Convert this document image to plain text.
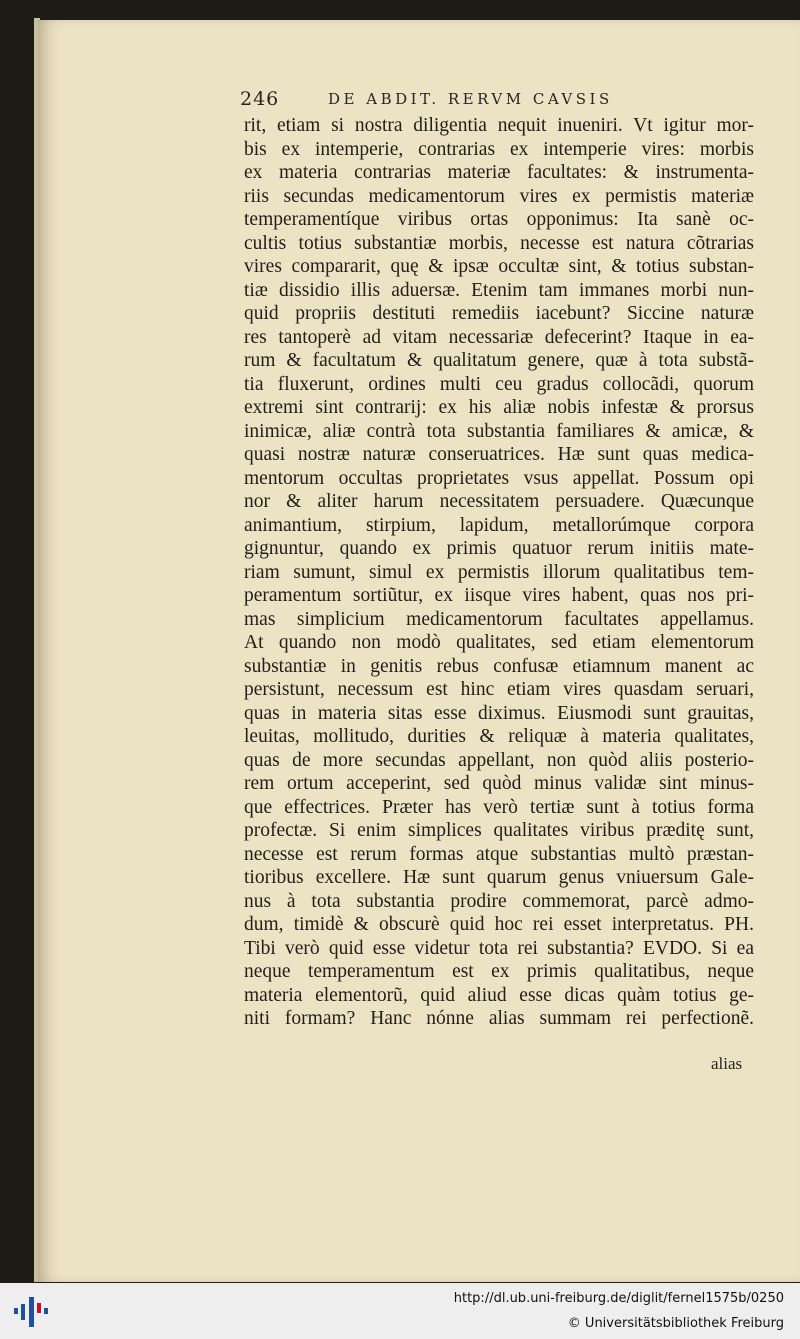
246	DE ABDIT. RERVM CAVSIS
rit, etiam si nostra diligentia nequit inueniri. Vt igitur mor-
bis ex intemperie, contrarias ex intemperie vires: morbis
ex materia contrarias materiæ facultates: & instrumenta-
riis secundas medicamentorum vires ex permistis materiæ
temperamentíque viribus ortas opponimus: Ita sanè oc-
cultis totius substantiæ morbis, necesse est natura cõtrarias
vires compararit, quę & ipsæ occultæ sint, & totius substan-
tiæ dissidio illis aduersæ. Etenim tam immanes morbi nun-
quid propriis destituti remediis iacebunt? Siccine naturæ
res tantoperè ad vitam necessariæ defecerint? Itaque in ea-
rum & facultatum & qualitatum genere, quæ à tota substã-
tia fluxerunt, ordines multi ceu gradus collocãdi, quorum
extremi sint contrarij: ex his aliæ nobis infestæ & prorsus
inimicæ, aliæ contrà tota substantia familiares & amicæ, &
quasi nostræ naturæ conseruatrices. Hæ sunt quas medica-
mentorum occultas proprietates vsus appellat. Possum opi
nor & aliter harum necessitatem persuadere. Quæcunque
animantium, stirpium, lapidum, metallorúmque corpora
gignuntur, quando ex primis quatuor rerum initiis mate-
riam sumunt, simul ex permistis illorum qualitatibus tem-
peramentum sortiũtur, ex iisque vires habent, quas nos pri-
mas simplicium medicamentorum facultates appellamus.
At quando non modò qualitates, sed etiam elementorum
substantiæ in genitis rebus confusæ etiamnum manent ac
persistunt, necessum est hinc etiam vires quasdam seruari,
quas in materia sitas esse diximus. Eiusmodi sunt grauitas,
leuitas, mollitudo, durities & reliquæ à materia qualitates,
quas de more secundas appellant, non quòd aliis posterio-
rem ortum acceperint, sed quòd minus validæ sint minus-
que effectrices. Præter has verò tertiæ sunt à totius forma
profectæ. Si enim simplices qualitates viribus præditę sunt,
necesse est rerum formas atque substantias multò præstan-
tioribus excellere. Hæ sunt quarum genus vniuersum Gale-
nus à tota substantia prodire commemorat, parcè admo-
dum, timidè & obscurè quid hoc rei esset interpretatus. PH.
Tibi verò quid esse videtur tota rei substantia? EVDO. Si ea
neque temperamentum est ex primis qualitatibus, neque
materia elementorũ, quid aliud esse dicas quàm totius ge-
niti formam? Hanc nónne alias summam rei perfectionẽ.
alias
http://dl.ub.uni-freiburg.de/diglit/fernel1575b/0250
© Universitätsbibliothek Freiburg
